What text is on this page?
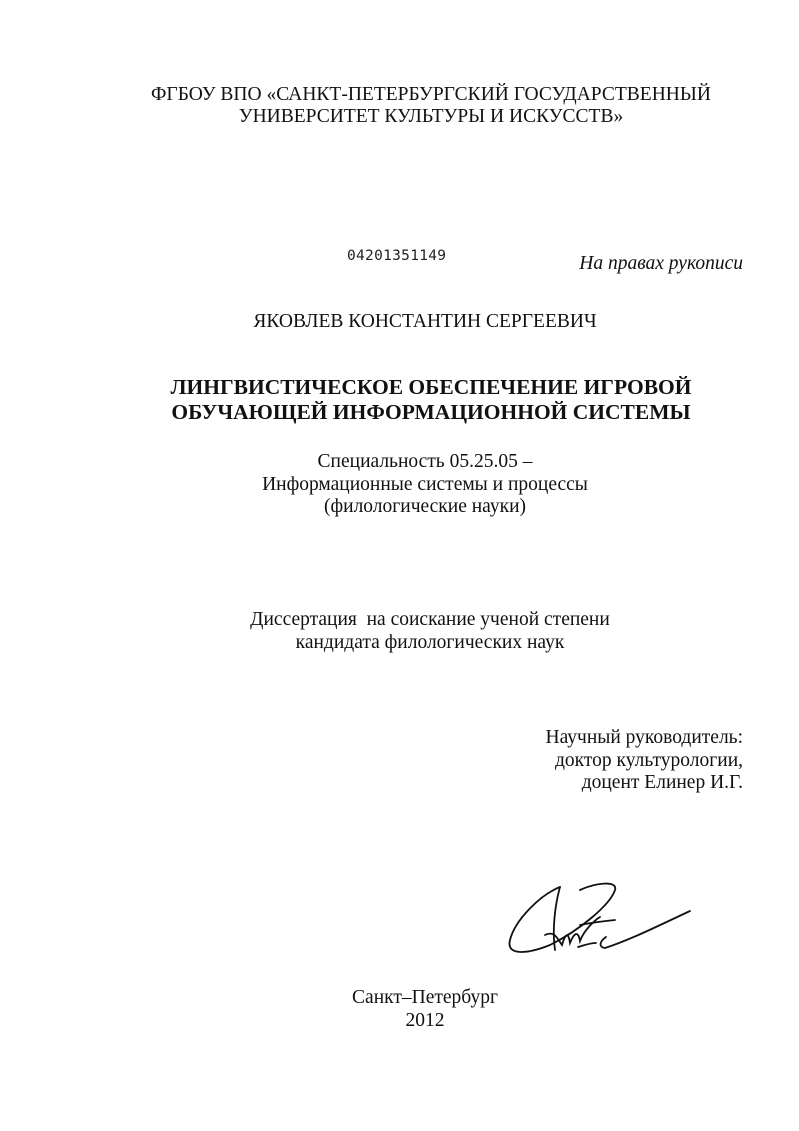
ФГБОУ ВПО «САНКТ-ПЕТЕРБУРГСКИЙ ГОСУДАРСТВЕННЫЙ
УНИВЕРСИТЕТ КУЛЬТУРЫ И ИСКУССТВ»
04201351149	На правах рукописи
ЯКОВЛЕВ КОНСТАНТИН СЕРГЕЕВИЧ
ЛИНГВИСТИЧЕСКОЕ ОБЕСПЕЧЕНИЕ ИГРОВОЙ
ОБУЧАЮЩЕЙ ИНФОРМАЦИОННОЙ СИСТЕМЫ
Специальность 05.25.05 –
Информационные системы и процессы
(филологические науки)
Диссертация  на соискание ученой степени
кандидата филологических наук
Научный руководитель:
доктор культурологии,
доцент Елинер И.Г.
Санкт–Петербург
2012
